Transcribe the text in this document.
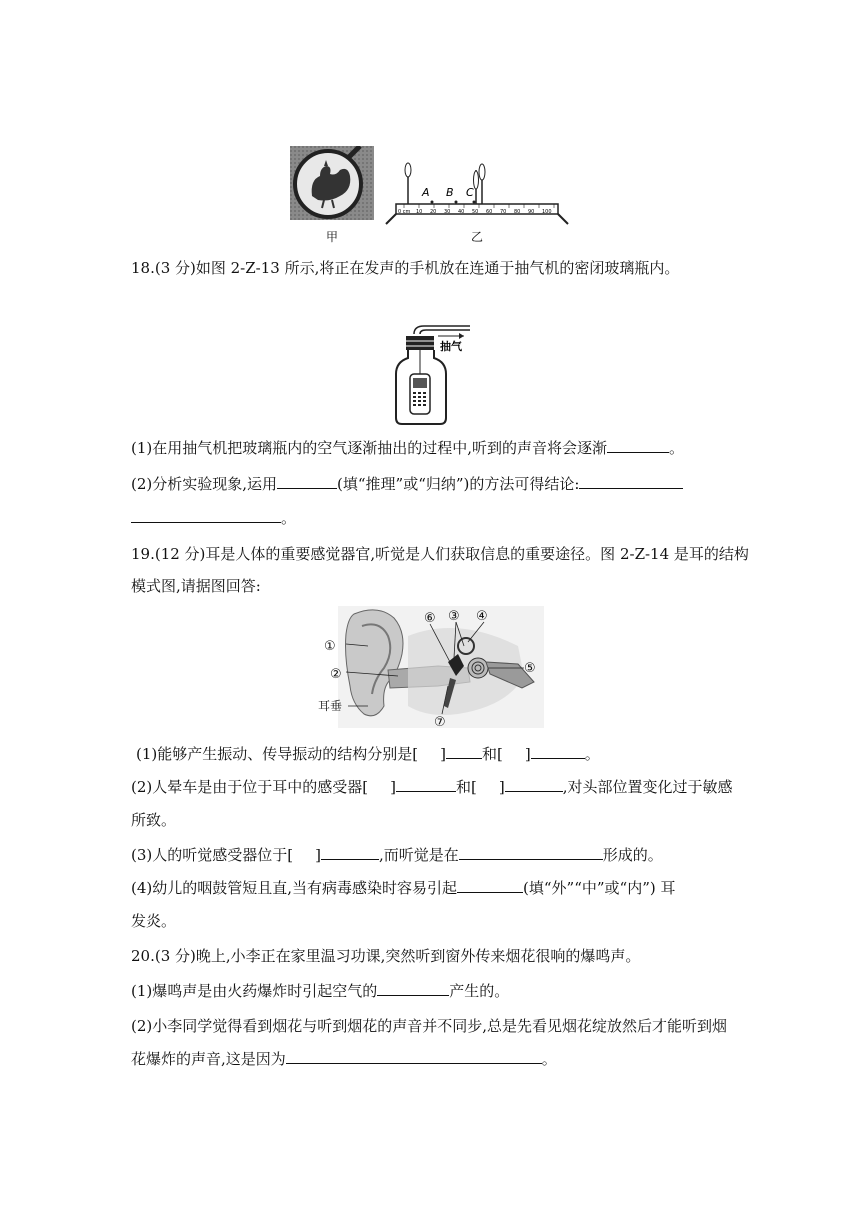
甲
A B C
0 cm 10 20 30 40 50 60 70 80 90 100
乙
18.(3 分)如图 2-Z-13 所示,将正在发声的手机放在连通于抽气机的密闭玻璃瓶内。
抽气
(1)在用抽气机把玻璃瓶内的空气逐渐抽出的过程中,听到的声音将会逐渐	。
(2)分析实验现象,运用	(填“推理”或“归纳”)的方法可得结论:
。
19.(12 分)耳是人体的重要感觉器官,听觉是人们获取信息的重要途径。图 2-Z-14 是耳的结构
模式图,请据图回答:
①
②
③ ④
⑤
⑥
⑦
耳垂
(1)能够产生振动、传导振动的结构分别是[ ] 和[ ]	。
(2)人晕车是由于位于耳中的感受器[ ]	和[ ]	,对头部位置变化过于敏感
所致。
(3)人的听觉感受器位于[ ]	,而听觉是在	形成的。
(4)幼儿的咽鼓管短且直,当有病毒感染时容易引起	(填“外”“中”或“内”) 耳
发炎。
20.(3 分)晚上,小李正在家里温习功课,突然听到窗外传来烟花很响的爆鸣声。
(1)爆鸣声是由火药爆炸时引起空气的	产生的。
(2)小李同学觉得看到烟花与听到烟花的声音并不同步,总是先看见烟花绽放然后才能听到烟
花爆炸的声音,这是因为	。
